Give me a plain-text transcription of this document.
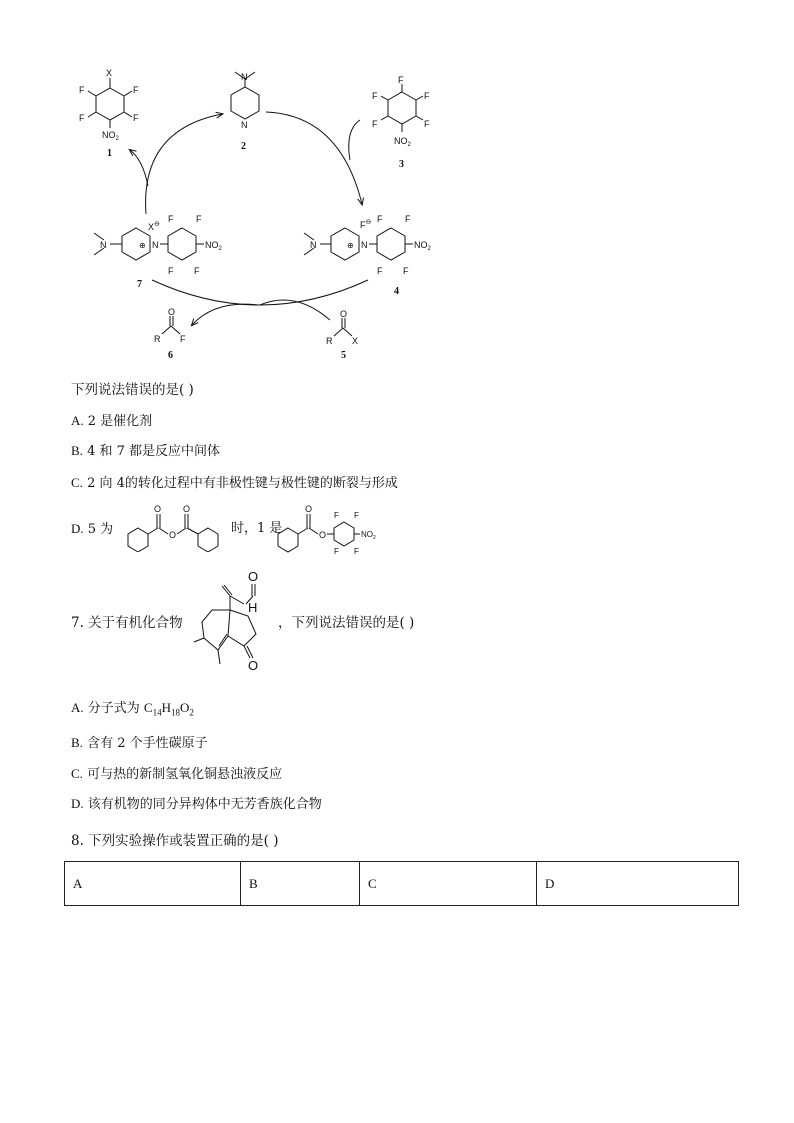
X
F
F
F
F
$NO_2$
1
N
N
2
F
F
F
F
F
$NO_2$
3
N	⊕ N	$NO_2$
F	F
F F
X⊖
7
N	⊕ N	$NO_2$
F	F
F F
F⊖
4
R
O
X
5
R
O
F
6
下列说法错误的是( )
A. 2 是催化剂
B. 4 和 7 都是反应中间体
C. 2 向 4的转化过程中有非极性键与极性键的断裂与形成
D. 5 为
O
O
O
时，1 是
O
O
F F
F F
$NO_2$
7. 关于有机化合物
O
H
O
，下列说法错误的是( )
A. 分子式为 $C_{14}H_{18}O_2$
B. 含有 2 个手性碳原子
C. 可与热的新制氢氧化铜悬浊液反应
D. 该有机物的同分异构体中无芳香族化合物
8. 下列实验操作或装置正确的是( )
A	B	C	D
